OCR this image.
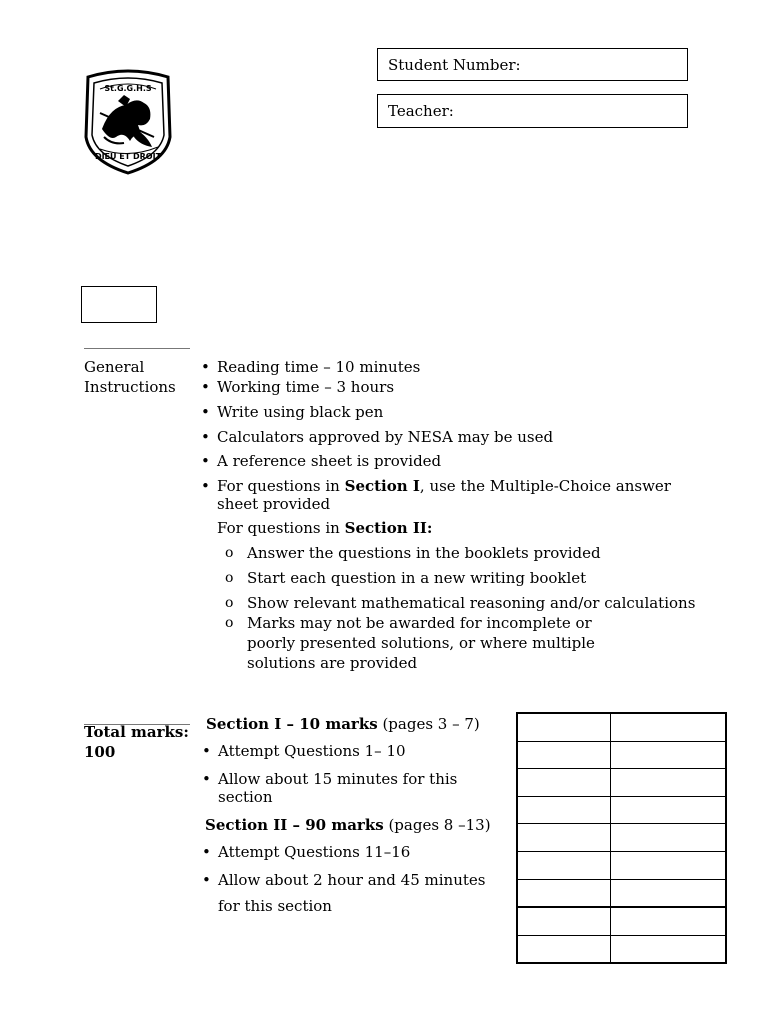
Student Number:
Teacher:
St.G.G.H.S
DIEU ET DROIT
General
Instructions
• Reading time – 10 minutes
• Working time – 3 hours
• Write using black pen
• Calculators approved by NESA may be used
• A reference sheet is provided
• For questions in Section I, use the Multiple-Choice answer sheet provided
For questions in Section II:
o Answer the questions in the booklets provided
o Start each question in a new writing booklet
o Show relevant mathematical reasoning and/or calculations
o Marks may not be awarded for incomplete or poorly presented solutions, or where multiple solutions are provided
Total marks:
100
Section I – 10 marks (pages 3 – 7)
• Attempt Questions 1– 10
• Allow about 15 minutes for this section
Section II – 90 marks (pages 8 –13)
• Attempt Questions 11–16
• Allow about 2 hour and 45 minutes
for this section
